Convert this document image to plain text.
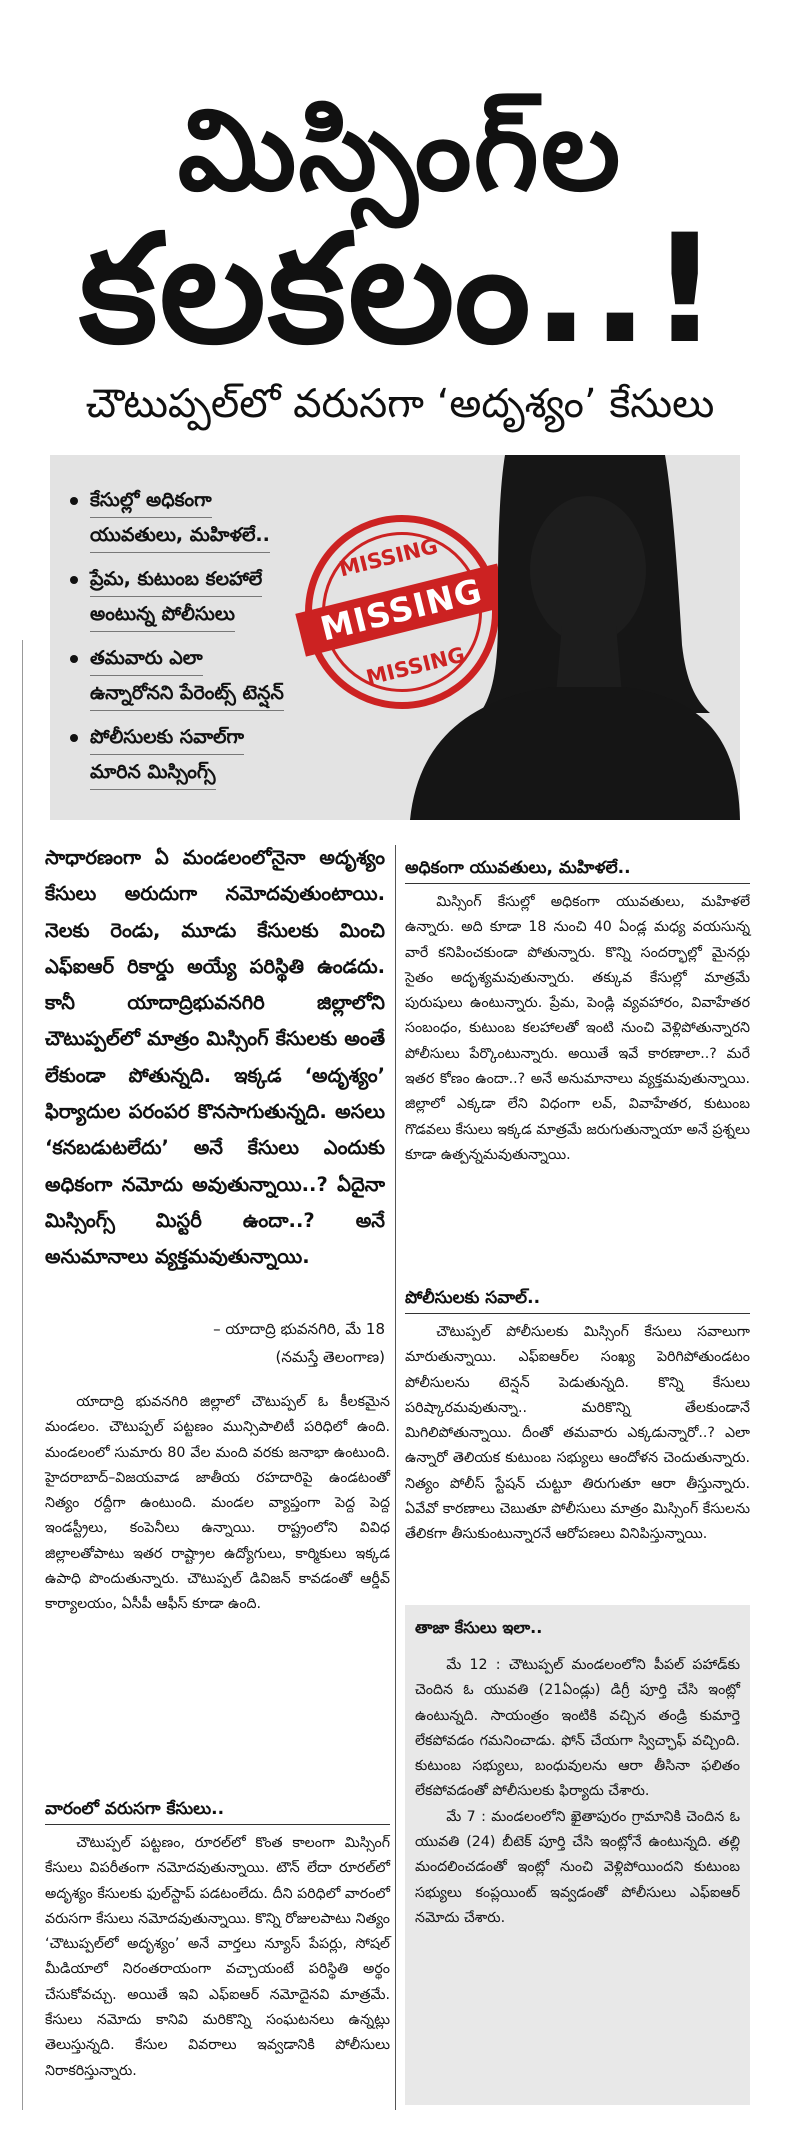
మిస్సింగ్‌ల
కలకలం..!
చౌటుప్పల్‌లో వరుసగా ‘అదృశ్యం’ కేసులు
కేసుల్లో అధికంగా
యువతులు, మహిళలే..
ప్రేమ, కుటుంబ కలహాలే
అంటున్న పోలీసులు
తమవారు ఎలా
ఉన్నారోనని పేరెంట్స్ టెన్షన్
పోలీసులకు సవాల్‌గా
మారిన మిస్సింగ్స్
MISSING
MISSING
MISSING
సాధారణంగా ఏ మండలంలోనైనా అదృశ్యం కేసులు అరుదుగా నమోదవుతుంటాయి. నెలకు రెండు, మూడు కేసులకు మించి ఎఫ్ఐఆర్ రికార్డు అయ్యే పరిస్థితి ఉండదు. కానీ యాదాద్రిభువనగిరి జిల్లాలోని చౌటుప్పల్‌లో మాత్రం మిస్సింగ్ కేసులకు అంతే లేకుండా పోతున్నది. ఇక్కడ ‘అదృశ్యం’ ఫిర్యాదుల పరంపర కొనసాగుతున్నది. అసలు ‘కనబడుటలేదు’ అనే కేసులు ఎందుకు అధికంగా నమోదు అవుతున్నాయి..? ఏదైనా మిస్సింగ్స్ మిస్టరీ ఉందా..? అనే అనుమానాలు వ్యక్తమవుతున్నాయి.
– యాదాద్రి భువనగిరి, మే 18
(నమస్తే తెలంగాణ)

యాదాద్రి భువనగిరి జిల్లాలో చౌటుప్పల్ ఓ కీలకమైన మండలం. చౌటుప్పల్ పట్టణం మున్సిపాలిటీ పరిధిలో ఉంది. మండలంలో సుమారు 80 వేల మంది వరకు జనాభా ఉంటుంది. హైదరాబాద్–విజయవాడ జాతీయ రహదారిపై ఉండటంతో నిత్యం రద్దీగా ఉంటుంది. మండల వ్యాప్తంగా పెద్ద పెద్ద ఇండస్ట్రీలు, కంపెనీలు ఉన్నాయి. రాష్ట్రంలోని వివిధ జిల్లాలతోపాటు ఇతర రాష్ట్రాల ఉద్యోగులు, కార్మికులు ఇక్కడ ఉపాధి పొందుతున్నారు. చౌటుప్పల్ డివిజన్ కావడంతో ఆర్డీవ్ కార్యాలయం, ఏసీపీ ఆఫీస్ కూడా ఉంది.

వారంలో వరుసగా కేసులు..

చౌటుప్పల్ పట్టణం, రూరల్‌లో కొంత కాలంగా మిస్సింగ్ కేసులు విపరీతంగా నమోదవుతున్నాయి. టౌన్ లేదా రూరల్‌లో అదృశ్యం కేసులకు ఫుల్‌స్టాప్ పడటంలేదు. దీని పరిధిలో వారంలో వరుసగా కేసులు నమోదవుతున్నాయి. కొన్ని రోజులపాటు నిత్యం ‘చౌటుప్పల్‌లో అదృశ్యం’ అనే వార్తలు న్యూస్ పేపర్లు, సోషల్ మీడియాలో నిరంతరాయంగా వచ్చాయంటే పరిస్థితి అర్థం చేసుకోవచ్చు. అయితే ఇవి ఎఫ్ఐఆర్ నమోదైనవి మాత్రమే. కేసులు నమోదు కానివి మరికొన్ని సంఘటనలు ఉన్నట్లు తెలుస్తున్నది. కేసుల వివరాలు ఇవ్వడానికి పోలీసులు నిరాకరిస్తున్నారు.

అధికంగా యువతులు, మహిళలే..

మిస్సింగ్ కేసుల్లో అధికంగా యువతులు, మహిళలే ఉన్నారు. అది కూడా 18 నుంచి 40 ఏండ్ల మధ్య వయసున్న వారే కనిపించకుండా పోతున్నారు. కొన్ని సందర్భాల్లో మైనర్లు సైతం అదృశ్యమవుతున్నారు. తక్కువ కేసుల్లో మాత్రమే పురుషులు ఉంటున్నారు. ప్రేమ, పెండ్లి వ్యవహారం, వివాహేతర సంబంధం, కుటుంబ కలహాలతో ఇంటి నుంచి వెళ్లిపోతున్నారని పోలీసులు పేర్కొంటున్నారు. అయితే ఇవే కారణాలా..? మరే ఇతర కోణం ఉందా..? అనే అనుమానాలు వ్యక్తమవుతున్నాయి. జిల్లాలో ఎక్కడా లేని విధంగా లవ్, వివాహేతర, కుటుంబ గొడవలు కేసులు ఇక్కడ మాత్రమే జరుగుతున్నాయా అనే ప్రశ్నలు కూడా ఉత్పన్నమవుతున్నాయి.

పోలీసులకు సవాల్..

చౌటుప్పల్ పోలీసులకు మిస్సింగ్ కేసులు సవాలుగా మారుతున్నాయి. ఎఫ్ఐఆర్‌ల సంఖ్య పెరిగిపోతుండటం పోలీసులను టెన్షన్ పెడుతున్నది. కొన్ని కేసులు పరిష్కారమవుతున్నా.. మరికొన్ని తేలకుండానే మిగిలిపోతున్నాయి. దీంతో తమవారు ఎక్కడున్నారో..? ఎలా ఉన్నారో తెలియక కుటుంబ సభ్యులు ఆందోళన చెందుతున్నారు. నిత్యం పోలీస్ స్టేషన్ చుట్టూ తిరుగుతూ ఆరా తీస్తున్నారు. ఏవేవో కారణాలు చెబుతూ పోలీసులు మాత్రం మిస్సింగ్ కేసులను తేలికగా తీసుకుంటున్నారనే ఆరోపణలు వినిపిస్తున్నాయి.

తాజా కేసులు ఇలా..

మే 12 : చౌటుప్పల్ మండలంలోని పీపల్ పహాడ్‌కు చెందిన ఓ యువతి (21ఏండ్లు) డిగ్రీ పూర్తి చేసి ఇంట్లో ఉంటున్నది. సాయంత్రం ఇంటికి వచ్చిన తండ్రి కుమార్తె లేకపోవడం గమనించాడు. ఫోన్ చేయగా స్విచ్ఛాఫ్ వచ్చింది. కుటుంబ సభ్యులు, బంధువులను ఆరా తీసినా ఫలితం లేకపోవడంతో పోలీసులకు ఫిర్యాదు చేశారు.

మే 7 : మండలంలోని ఖైతాపురం గ్రామానికి చెందిన ఓ యువతి (24) బీటెక్ పూర్తి చేసి ఇంట్లోనే ఉంటున్నది. తల్లి మందలించడంతో ఇంట్లో నుంచి వెళ్లిపోయిందని కుటుంబ సభ్యులు కంప్లయింట్ ఇవ్వడంతో పోలీసులు ఎఫ్ఐఆర్ నమోదు చేశారు.
